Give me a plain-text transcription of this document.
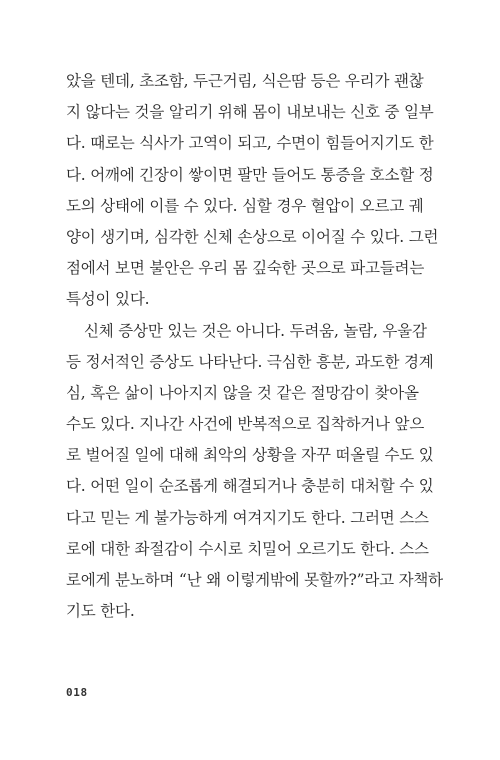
았을 텐데, 초조함, 두근거림, 식은땀 등은 우리가 괜찮
지 않다는 것을 알리기 위해 몸이 내보내는 신호 중 일부
다. 때로는 식사가 고역이 되고, 수면이 힘들어지기도 한
다. 어깨에 긴장이 쌓이면 팔만 들어도 통증을 호소할 정
도의 상태에 이를 수 있다. 심할 경우 혈압이 오르고 궤
양이 생기며, 심각한 신체 손상으로 이어질 수 있다. 그런
점에서 보면 불안은 우리 몸 깊숙한 곳으로 파고들려는
특성이 있다.
신체 증상만 있는 것은 아니다. 두려움, 놀람, 우울감
등 정서적인 증상도 나타난다. 극심한 흥분, 과도한 경계
심, 혹은 삶이 나아지지 않을 것 같은 절망감이 찾아올
수도 있다. 지나간 사건에 반복적으로 집착하거나 앞으
로 벌어질 일에 대해 최악의 상황을 자꾸 떠올릴 수도 있
다. 어떤 일이 순조롭게 해결되거나 충분히 대처할 수 있
다고 믿는 게 불가능하게 여겨지기도 한다. 그러면 스스
로에 대한 좌절감이 수시로 치밀어 오르기도 한다. 스스
로에게 분노하며 “난 왜 이렇게밖에 못할까?”라고 자책하
기도 한다.
018
